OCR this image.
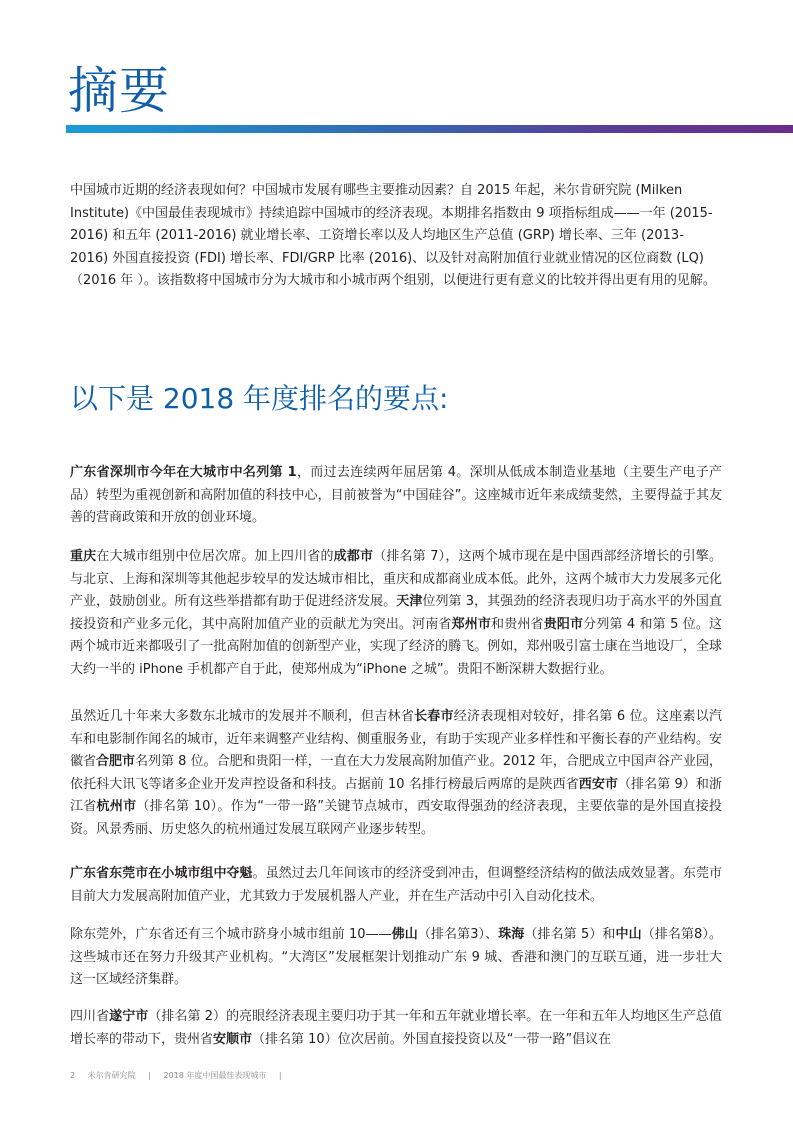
摘要

中国城市近期的经济表现如何？中国城市发展有哪些主要推动因素？自 2015 年起，米尔肯研究院 (Milken Institute)《中国最佳表现城市》持续追踪中国城市的经济表现。本期排名指数由 9 项指标组成——一年 (2015-2016) 和五年 (2011-2016) 就业增长率、工资增长率以及人均地区生产总值 (GRP) 增长率、三年 (2013-2016) 外国直接投资 (FDI) 增长率、FDI/GRP 比率 (2016)、以及针对高附加值行业就业情况的区位商数 (LQ)（2016 年 ）。该指数将中国城市分为大城市和小城市两个组别，以便进行更有意义的比较并得出更有用的见解。

以下是 2018 年度排名的要点:

广东省深圳市今年在大城市中名列第 1，而过去连续两年屈居第 4。深圳从低成本制造业基地（主要生产电子产品）转型为重视创新和高附加值的科技中心，目前被誉为“中国硅谷”。这座城市近年来成绩斐然，主要得益于其友善的营商政策和开放的创业环境。

重庆在大城市组别中位居次席。加上四川省的成都市（排名第 7），这两个城市现在是中国西部经济增长的引擎。与北京、上海和深圳等其他起步较早的发达城市相比，重庆和成都商业成本低。此外，这两个城市大力发展多元化产业，鼓励创业。所有这些举措都有助于促进经济发展。天津位列第 3，其强劲的经济表现归功于高水平的外国直接投资和产业多元化，其中高附加值产业的贡献尤为突出。河南省郑州市和贵州省贵阳市分列第 4 和第 5 位。这两个城市近来都吸引了一批高附加值的创新型产业，实现了经济的腾飞。例如，郑州吸引富士康在当地设厂，全球大约一半的 iPhone 手机都产自于此，使郑州成为“iPhone 之城”。贵阳不断深耕大数据行业。

虽然近几十年来大多数东北城市的发展并不顺利，但吉林省长春市经济表现相对较好，排名第 6 位。这座素以汽车和电影制作闻名的城市，近年来调整产业结构、侧重服务业，有助于实现产业多样性和平衡长春的产业结构。安徽省合肥市名列第 8 位。合肥和贵阳一样，一直在大力发展高附加值产业。2012 年，合肥成立中国声谷产业园，依托科大讯飞等诸多企业开发声控设备和科技。占据前 10 名排行榜最后两席的是陕西省西安市（排名第 9）和浙江省杭州市（排名第 10）。作为“一带一路”关键节点城市，西安取得强劲的经济表现，主要依靠的是外国直接投资。风景秀丽、历史悠久的杭州通过发展互联网产业逐步转型。

广东省东莞市在小城市组中夺魁。虽然过去几年间该市的经济受到冲击，但调整经济结构的做法成效显著。东莞市目前大力发展高附加值产业，尤其致力于发展机器人产业，并在生产活动中引入自动化技术。

除东莞外，广东省还有三个城市跻身小城市组前 10——佛山（排名第3）、珠海（排名第 5）和中山（排名第8）。这些城市还在努力升级其产业机构。“大湾区”发展框架计划推动广东 9 城、香港和澳门的互联互通，进一步壮大这一区域经济集群。

四川省遂宁市（排名第 2）的亮眼经济表现主要归功于其一年和五年就业增长率。在一年和五年人均地区生产总值增长率的带动下，贵州省安顺市（排名第 10）位次居前。外国直接投资以及“一带一路”倡议在

2 米尔肯研究院 | 2018 年度中国最佳表现城市 |
